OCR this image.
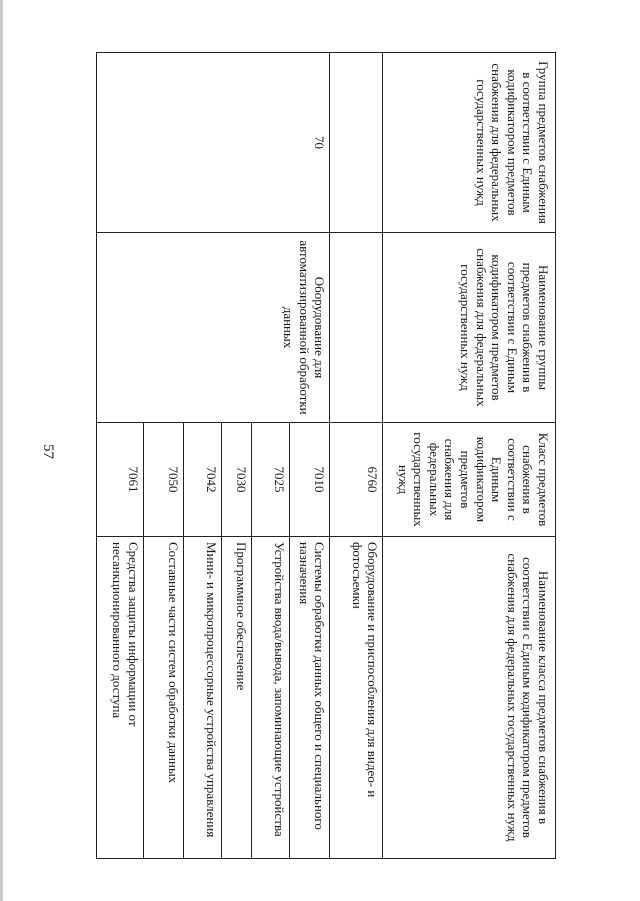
57
Группа предметов снабжения в соответствии с Единым кодификатором предметов снабжения для федеральных государственных нужд	Наименование группы предметов снабжения в соответствии с Единым кодификатором предметов снабжения для федеральных государственных нужд	Класс предметов снабжения в соответствии с Единым кодификатором предметов снабжения для федеральных государственных нужд	Наименование класса предметов снабжения в соответствии с Единым кодификатором предметов снабжения для федеральных государственных нужд
		6760	Оборудование и приспособления для видео- и фотосъемки
70	Оборудование для автоматизированной обработки данных	7010	Системы обработки данных общего и специального назначения
		7025	Устройства ввода/вывода, запоминающие устройства
		7030	Программное обеспечение
		7042	Мини- и микропроцессорные устройства управления
		7050	Составные части систем обработки данных
		7061	Средства защиты информации от несанкционированного доступа
